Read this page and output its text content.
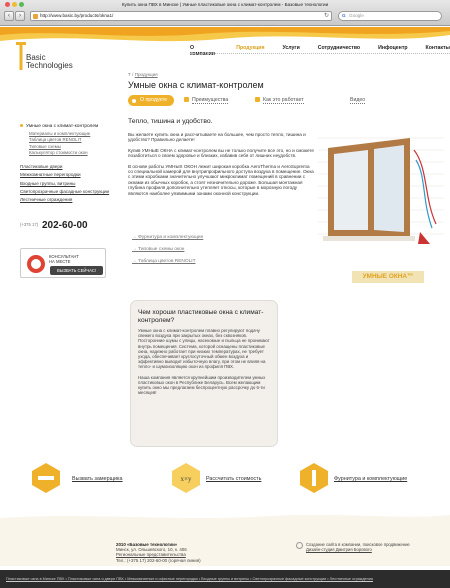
Купить окна ПВХ в Минске | Умные пластиковые окна с климат-контролем - Базовые технологии
‹	›	http://www.basic.by/products/okna1/	↻	G Google
Basic
Technologies
О компании
Продукция	Услуги	Сотрудничество	Инфоцентр	Контакты
Т / Продукция
Умные окна с климат-контролем
О продукте	Преимущества	Как это работает	Видео
Умные окна с климат-контролем
Материалы и комплектующие
Таблица цветов RENOLIT
Типовые схемы
Калькулятор стоимости окон
Пластиковые двери
Межкомнатные перегородки
Входные группы, витрины
Светопрозрачные фасадные конструкции
Лестничные ограждения
(+375 17) 202-60-00
КОНСУЛЬТАНТ
НА МЕСТЕ
ВЫЗВАТЬ СЕЙЧАС!
Тепло, тишина и удобство.

Вы желаете купить окна и рассчитываете на большее, чем просто тепло, тишина и удобство? Правильно делаете!

Купив УМНЫЕ ОКНА с климат-контролем вы не только получите все это, но и сможете позаботиться о своем здоровье и близких, избавив себя от лишних неудобств.

В основе работы УМНЫХ ОКОН лежит широкая коробка AeroTherma и AeroSuprema со специальной камерой для внутрипрофильного доступа воздуха в помещение. Окна с этими коробками значительно улучшают микроклимат помещений в сравнении с окнами из обычных коробок, а стоят незначительно дороже. Большая монтажная глубина профиля дополнительно утепляет откосы, которые в морозную погоду являются наиболее уязвимыми зонами оконной конструкции.

УМНЫЕ ОКНА™
→ Фурнитура и комплектующие
→ Типовые схемы окон
→ Таблица цветов RENOLIT
Чем хороши пластиковые окна с климат-контролем?

Умные окна с климат-контролем плавно регулируют подачу свежего воздуха при закрытых окнах, без сквозняков. Посторонние шумы с улицы, насекомые и пыльца не проникают внутрь помещения. Система, которой оснащены пластиковые окна, надежно работает при низких температурах, не требует ухода, обеспечивает круглосуточный обмен воздуха и эффективно выводит избыточную влагу, при этом не влияя на тепло- и шумоизоляцию окон из профиля ПВХ.

Наша компания является крупнейшим производителем умных пластиковых окон в Республике Беларусь. Всем желающим купить окно мы предлагаем беспроцентную рассрочку до 6-ти месяцев!

Вызвать замерщика	x×y	Рассчитать стоимость	Фурнитура и комплектующие
2010 «Базовые технологии»
Минск, ул. Ольшевского, 10, к. 406
Региональные представительства
Тел.: (+375 17) 202-60-00 (горячая линия)
Создание сайта в компании, поисковое продвижение
Дизайн-студия Дмитрия Борового
Пластиковые окна в Минске ПВХ • Пластиковые окна и двери ПВХ • Межкомнатные и офисные перегородки • Входные группы и витрины • Светопрозрачные фасадные конструкции • Лестничные ограждения
